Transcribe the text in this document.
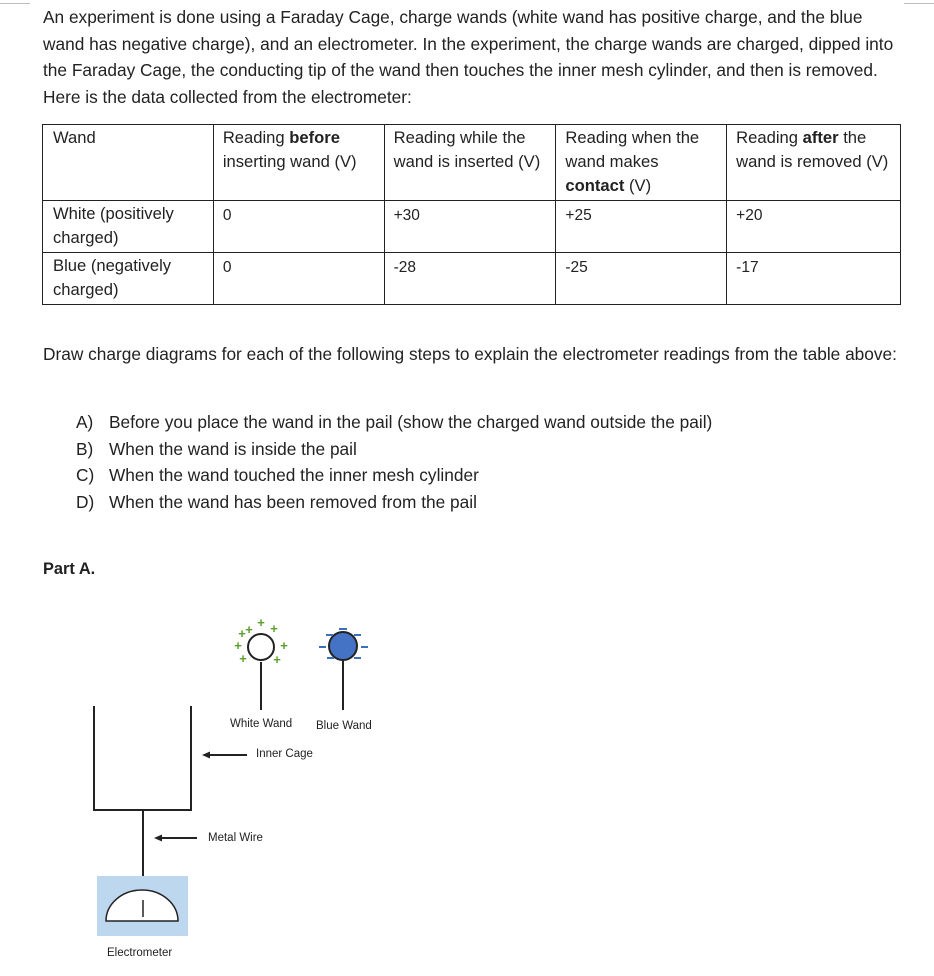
An experiment is done using a Faraday Cage, charge wands (white wand has positive charge, and the blue wand has negative charge), and an electrometer. In the experiment, the charge wands are charged, dipped into the Faraday Cage, the conducting tip of the wand then touches the inner mesh cylinder, and then is removed. Here is the data collected from the electrometer:
Wand	Reading before inserting wand (V)	Reading while the wand is inserted (V)	Reading when the wand makes contact (V)	Reading after the wand is removed (V)
White (positively charged)	0	+30	+25	+20
Blue (negatively charged)	0	-28	-25	-17
Draw charge diagrams for each of the following steps to explain the electrometer readings from the table above:
A) Before you place the wand in the pail (show the charged wand outside the pail)
B) When the wand is inside the pail
C) When the wand touched the inner mesh cylinder
D) When the wand has been removed from the pail
Part A.
+
+ +
+
+	+
+ +
White Wand Blue Wand
Inner Cage
Metal Wire
Electrometer
